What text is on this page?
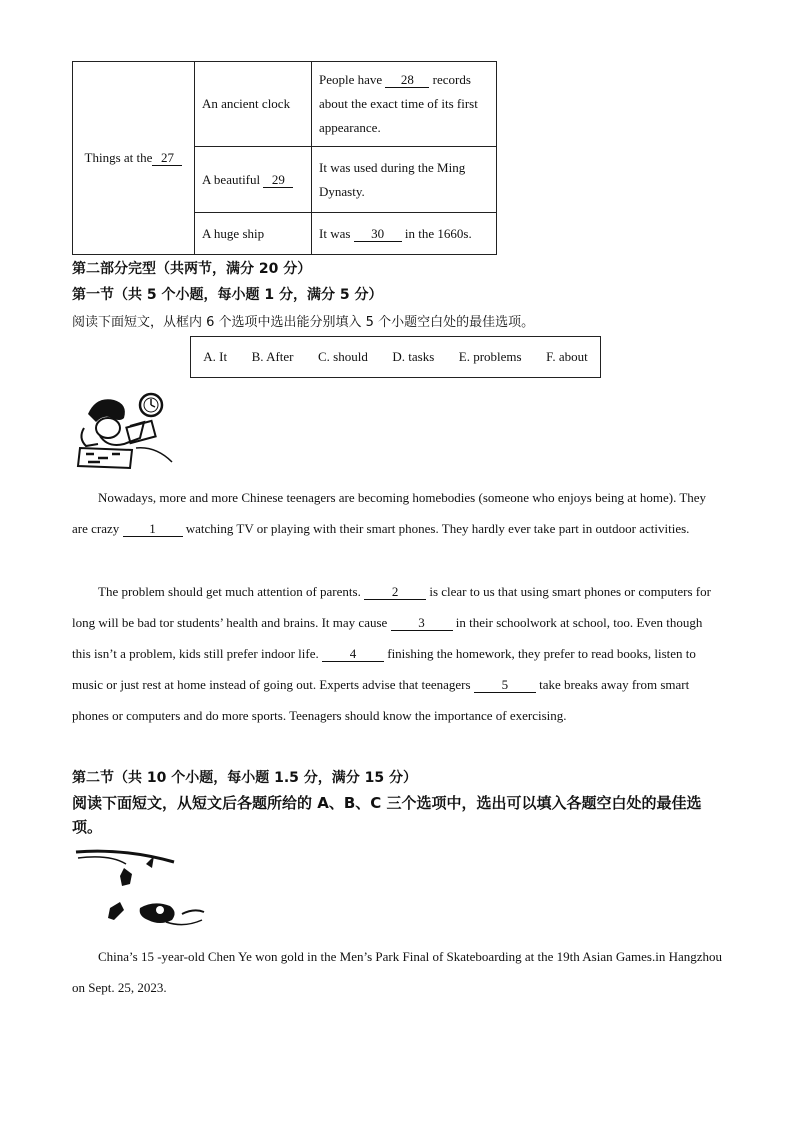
Things at the 27	An ancient clock	People have 28 records about the exact time of its first appearance.
	A beautiful 29	It was used during the Ming Dynasty.
	A huge ship	It was 30 in the 1660s.
第二部分完型（共两节，满分 20 分）
第一节（共 5 个小题，每小题 1 分，满分 5 分）
阅读下面短文，从框内 6 个选项中选出能分别填入 5 个小题空白处的最佳选项。
A. It B. After C. should D. tasks E. problems F. about
Nowadays, more and more Chinese teenagers are becoming homebodies (someone who enjoys being at home). They are crazy 1 watching TV or playing with their smart phones. They hardly ever take part in outdoor activities.
The problem should get much attention of parents. 2 is clear to us that using smart phones or computers for long will be bad tor students’ health and brains. It may cause 3 in their schoolwork at school, too. Even though this isn’t a problem, kids still prefer indoor life. 4 finishing the homework, they prefer to read books, listen to music or just rest at home instead of going out. Experts advise that teenagers 5 take breaks away from smart phones or computers and do more sports. Teenagers should know the importance of exercising.
第二节（共 10 个小题，每小题 1.5 分，满分 15 分）
阅读下面短文，从短文后各题所给的 A、B、C 三个选项中，选出可以填入各题空白处的最佳选项。
China’s 15 -year-old Chen Ye won gold in the Men’s Park Final of Skateboarding at the 19th Asian Games.in Hangzhou on Sept. 25, 2023.
